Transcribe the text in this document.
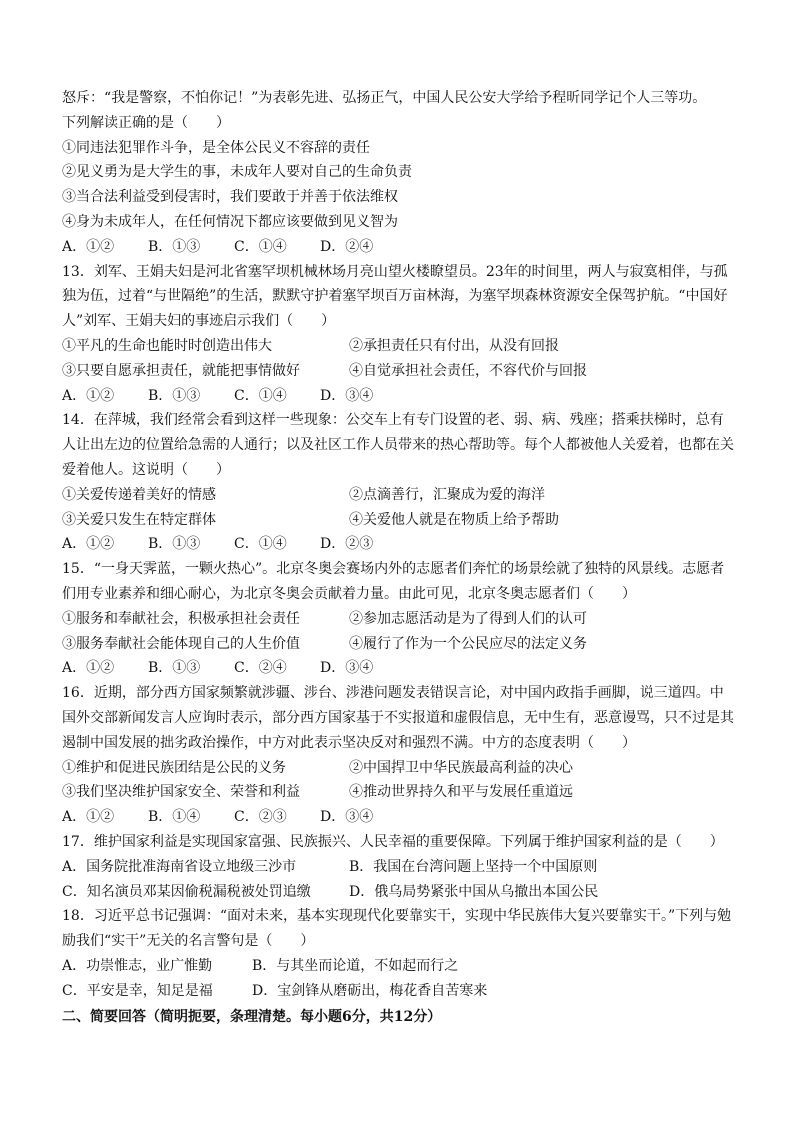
怒斥：“我是警察，不怕你记！”为表彰先进、弘扬正气，中国人民公安大学给予程昕同学记个人三等功。
下列解读正确的是（　　）
①同违法犯罪作斗争，是全体公民义不容辞的责任
②见义勇为是大学生的事，未成年人要对自己的生命负责
③当合法利益受到侵害时，我们要敢于并善于依法维权
④身为未成年人，在任何情况下都应该要做到见义智为
A．①② B．①③ C．①④ D．②④
13．刘军、王娟夫妇是河北省塞罕坝机械林场月亮山望火楼瞭望员。23年的时间里，两人与寂寞相伴，与孤独为伍，过着“与世隔绝”的生活，默默守护着塞罕坝百万亩林海，为塞罕坝森林资源安全保驾护航。“中国好人”刘军、王娟夫妇的事迹启示我们（　　）
①平凡的生命也能时时创造出伟大	②承担责任只有付出，从没有回报
③只要自愿承担责任，就能把事情做好	④自觉承担社会责任，不容代价与回报
A．①② B．①③ C．①④ D．③④
14．在萍城，我们经常会看到这样一些现象：公交车上有专门设置的老、弱、病、残座；搭乘扶梯时，总有人让出左边的位置给急需的人通行；以及社区工作人员带来的热心帮助等。每个人都被他人关爱着，也都在关爱着他人。这说明（　　）
①关爱传递着美好的情感	②点滴善行，汇聚成为爱的海洋
③关爱只发生在特定群体	④关爱他人就是在物质上给予帮助
A．①② B．①③ C．①④ D．②③
15．“一身天霁蓝，一颗火热心”。北京冬奥会赛场内外的志愿者们奔忙的场景绘就了独特的风景线。志愿者们用专业素养和细心耐心，为北京冬奥会贡献着力量。由此可见，北京冬奥志愿者们（　　）
①服务和奉献社会，积极承担社会责任	②参加志愿活动是为了得到人们的认可
③服务奉献社会能体现自己的人生价值	④履行了作为一个公民应尽的法定义务
A．①② B．①③ C．②④ D．③④
16．近期，部分西方国家频繁就涉疆、涉台、涉港问题发表错误言论，对中国内政指手画脚，说三道四。中国外交部新闻发言人应询时表示，部分西方国家基于不实报道和虚假信息，无中生有，恶意谩骂，只不过是其遏制中国发展的拙劣政治操作，中方对此表示坚决反对和强烈不满。中方的态度表明（　　）
①维护和促进民族团结是公民的义务	②中国捍卫中华民族最高利益的决心
③我们坚决维护国家安全、荣誉和利益	④推动世界持久和平与发展任重道远
A．①② B．①④ C．②③ D．③④
17．维护国家利益是实现国家富强、民族振兴、人民幸福的重要保障。下列属于维护国家利益的是（　　）
A．国务院批准海南省设立地级三沙市	B．我国在台湾问题上坚持一个中国原则
C．知名演员邓某因偷税漏税被处罚追缴	D．俄乌局势紧张中国从乌撤出本国公民
18．习近平总书记强调：“面对未来，基本实现现代化要靠实干，实现中华民族伟大复兴要靠实干。”下列与勉励我们“实干”无关的名言警句是（　　）
A．功崇惟志，业广惟勤	B．与其坐而论道，不如起而行之
C．平安是幸，知足是福	D．宝剑锋从磨砺出，梅花香自苦寒来
二、简要回答（简明扼要，条理清楚。每小题6分，共12分）
